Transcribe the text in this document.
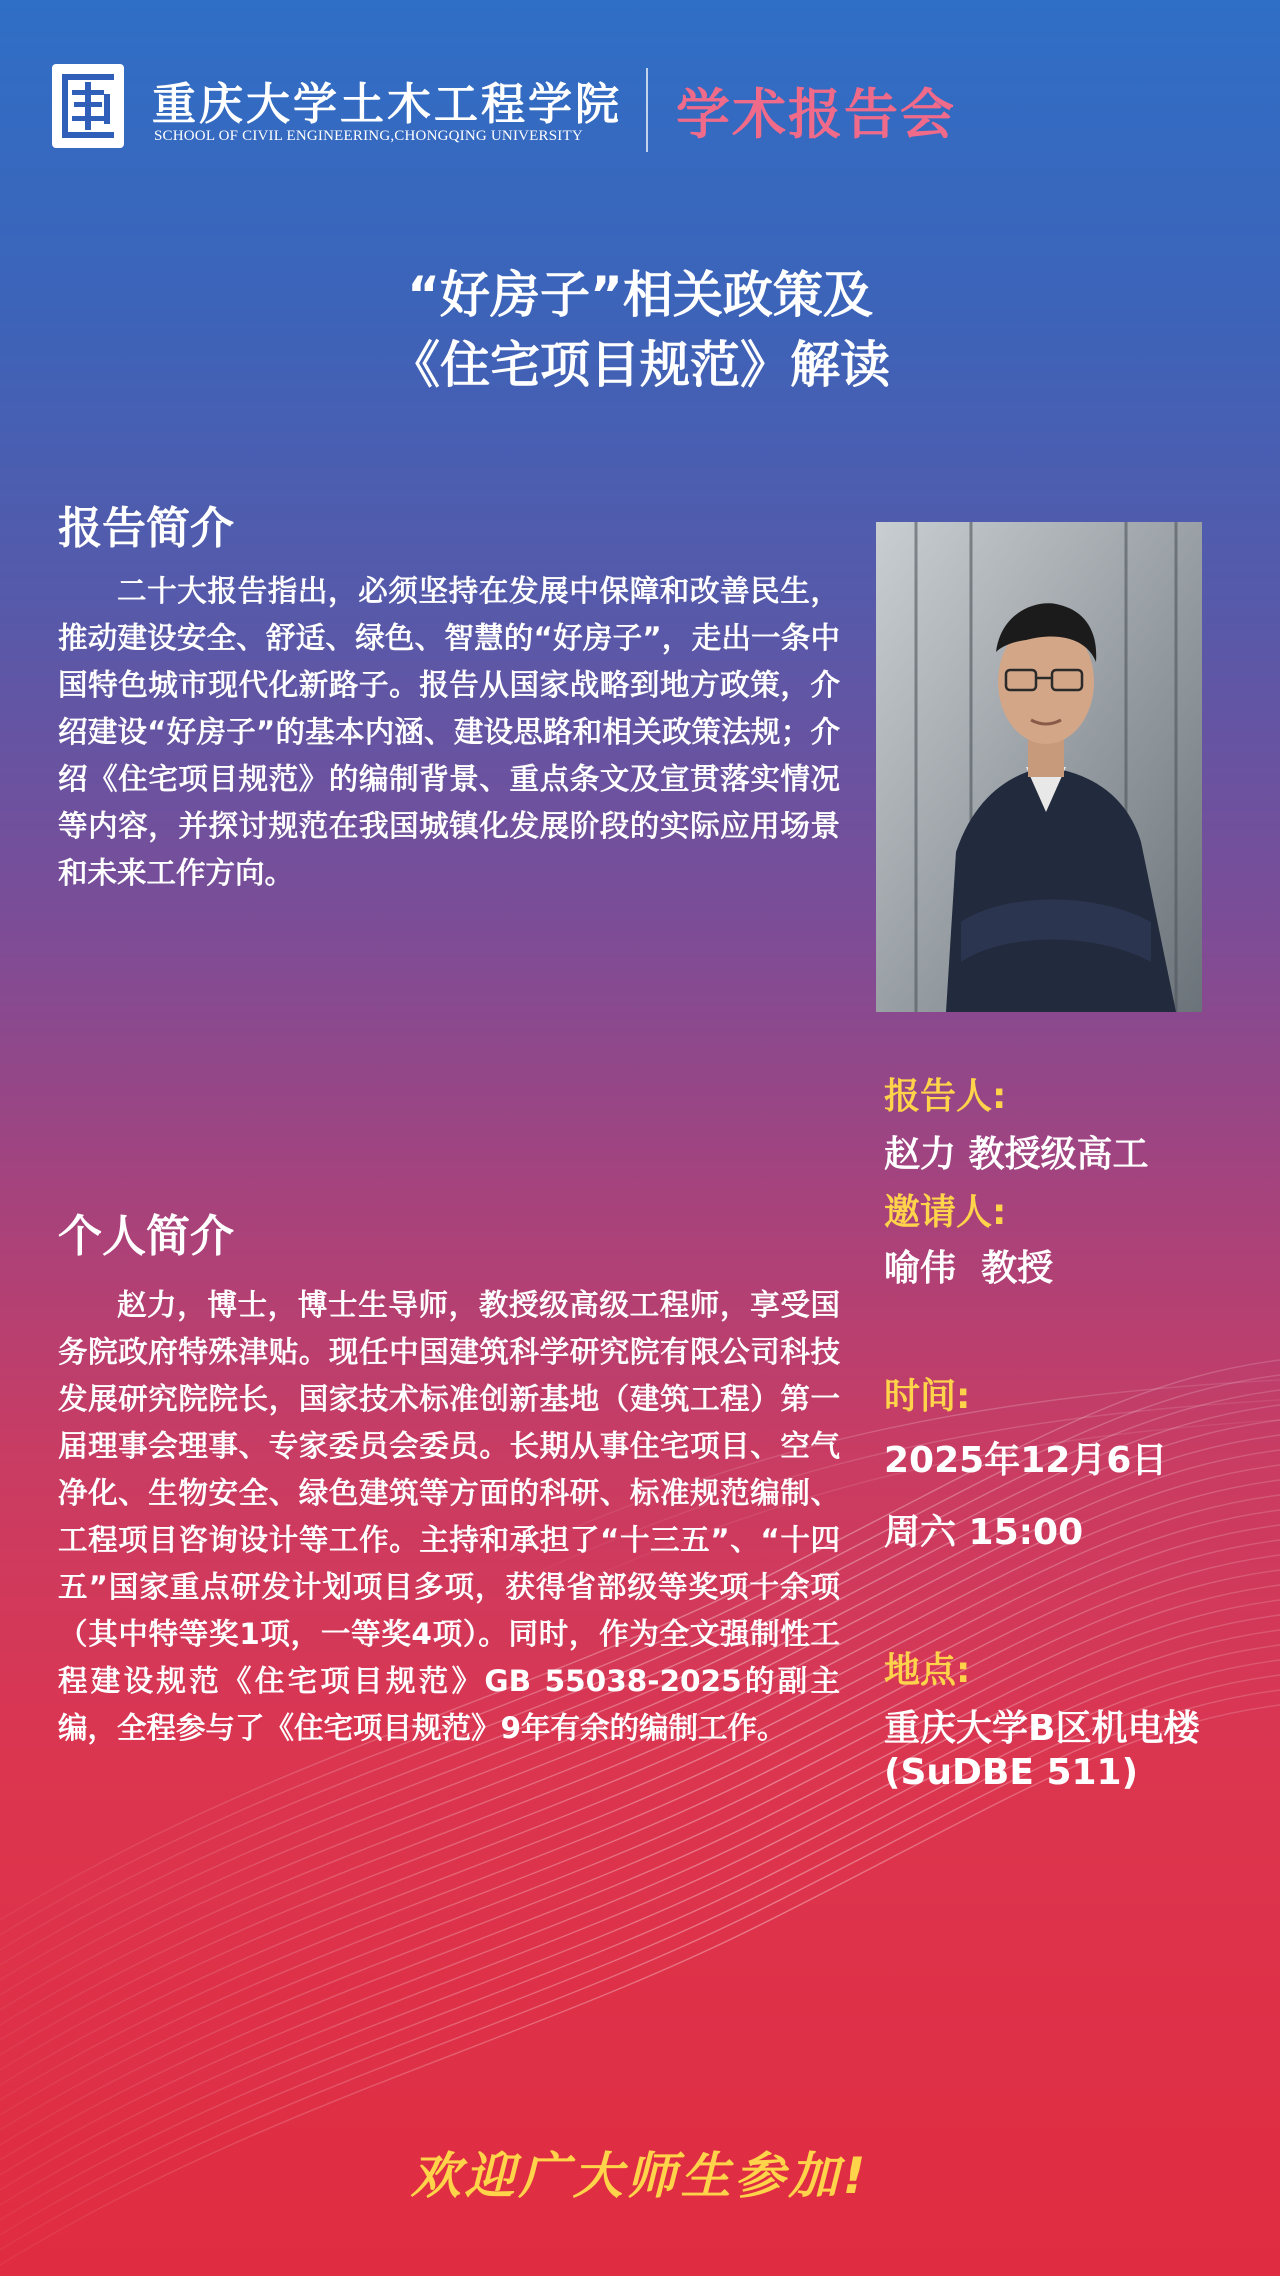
重庆大学土木工程学院
SCHOOL OF CIVIL ENGINEERING,CHONGQING UNIVERSITY 学术报告会
“好房子”相关政策及
《住宅项目规范》解读
报告简介
二十大报告指出，必须坚持在发展中保障和改善民生，推动建设安全、舒适、绿色、智慧的“好房子”，走出一条中国特色城市现代化新路子。报告从国家战略到地方政策，介绍建设“好房子”的基本内涵、建设思路和相关政策法规；介绍《住宅项目规范》的编制背景、重点条文及宣贯落实情况等内容，并探讨规范在我国城镇化发展阶段的实际应用场景和未来工作方向。
报告人:
赵力 教授级高工
邀请人:
喻伟  教授
个人简介
赵力，博士，博士生导师，教授级高级工程师，享受国务院政府特殊津贴。现任中国建筑科学研究院有限公司科技发展研究院院长，国家技术标准创新基地（建筑工程）第一届理事会理事、专家委员会委员。长期从事住宅项目、空气净化、生物安全、绿色建筑等方面的科研、标准规范编制、工程项目咨询设计等工作。主持和承担了“十三五”、“十四五”国家重点研发计划项目多项，获得省部级等奖项十余项（其中特等奖1项，一等奖4项）。同时，作为全文强制性工程建设规范《住宅项目规范》GB 55038-2025的副主编，全程参与了《住宅项目规范》9年有余的编制工作。
时间:
2025年12月6日
周六 15:00
地点:
重庆大学B区机电楼
(SuDBE 511)
欢迎广大师生参加!
